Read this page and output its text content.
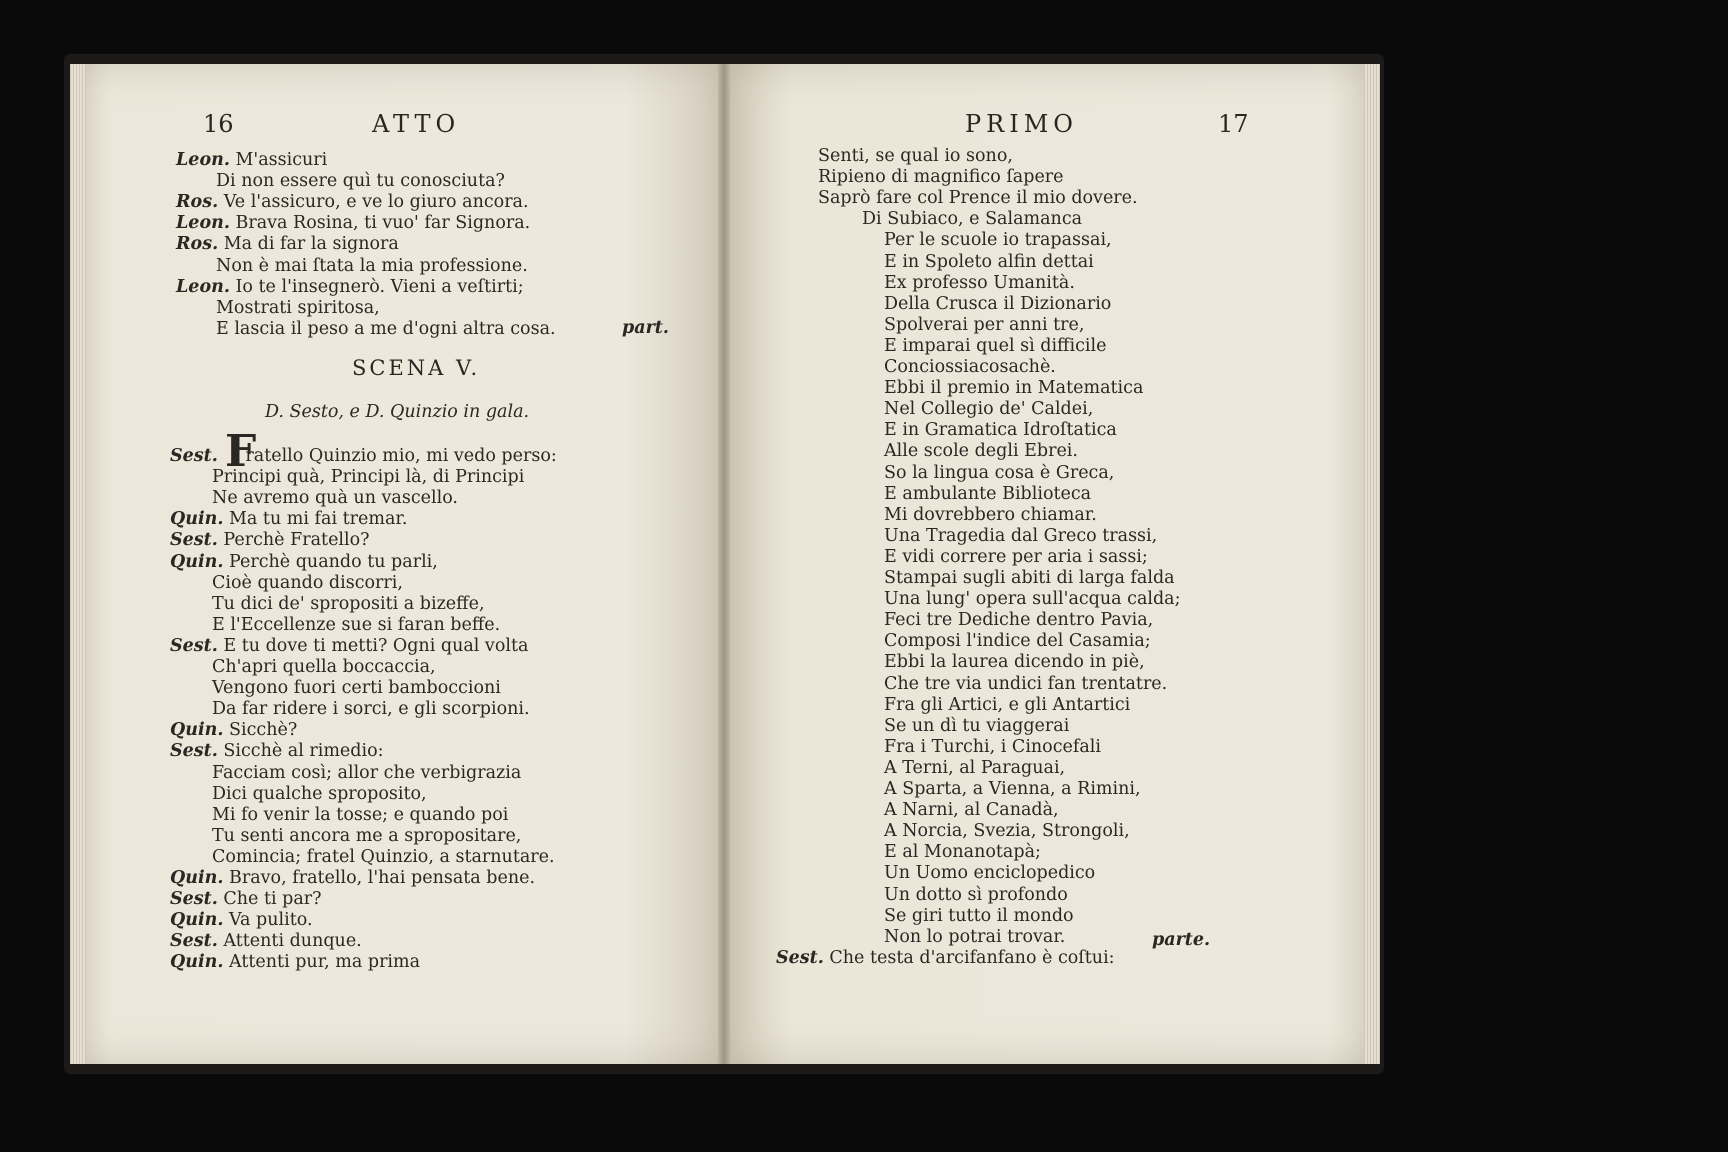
16	ATTO
Leon. M'assicuri
Di non essere quì tu conosciuta?
Ros. Ve l'assicuro, e ve lo giuro ancora.
Leon. Brava Rosina, ti vuo' far Signora.
Ros. Ma di far la signora
Non è mai ſtata la mia professione.
Leon. Io te l'insegnerò. Vieni a veſtirti;
Mostrati spiritosa,
E lascia il peso a me d'ogni altra cosa.	part.
SCENA V.
D. Sesto, e D. Quinzio in gala.
F
Sest. ratello Quinzio mio, mi vedo perso:
Principi quà, Principi là, di Principi
Ne avremo quà un vascello.
Quin. Ma tu mi fai tremar.
Sest. Perchè Fratello?
Quin. Perchè quando tu parli,
Cioè quando discorri,
Tu dici de' spropositi a bizeffe,
E l'Eccellenze sue si faran beffe.
Sest. E tu dove ti metti? Ogni qual volta
Ch'apri quella boccaccia,
Vengono fuori certi bamboccioni
Da far ridere i sorci, e gli scorpioni.
Quin. Sicchè?
Sest. Sicchè al rimedio:
Facciam così; allor che verbigrazia
Dici qualche sproposito,
Mi fo venir la tosse; e quando poi
Tu senti ancora me a spropositare,
Comincia; fratel Quinzio, a starnutare.
Quin. Bravo, fratello, l'hai pensata bene.
Sest. Che ti par?
Quin. Va pulito.
Sest. Attenti dunque.
Quin. Attenti pur, ma prima
PRIMO	17
Senti, se qual io sono,
Ripieno di magnifico ſapere
Saprò fare col Prence il mio dovere.
Di Subiaco, e Salamanca
Per le scuole io trapassai,
E in Spoleto alfin dettai
Ex professo Umanità.
Della Crusca il Dizionario
Spolverai per anni tre,
E imparai quel sì difficile
Conciossiacosachè.
Ebbi il premio in Matematica
Nel Collegio de' Caldei,
E in Gramatica Idroſtatica
Alle scole degli Ebrei.
So la lingua cosa è Greca,
E ambulante Biblioteca
Mi dovrebbero chiamar.
Una Tragedia dal Greco trassi,
E vidi correre per aria i sassi;
Stampai sugli abiti di larga falda
Una lung' opera sull'acqua calda;
Feci tre Dediche dentro Pavia,
Composi l'indice del Casamia;
Ebbi la laurea dicendo in piè,
Che tre via undici fan trentatre.
Fra gli Artici, e gli Antartici
Se un dì tu viaggerai
Fra i Turchi, i Cinocefali
A Terni, al Paraguai,
A Sparta, a Vienna, a Rimini,
A Narni, al Canadà,
A Norcia, Svezia, Strongoli,
E al Monanotapà;
Un Uomo enciclopedico
Un dotto sì profondo
Se giri tutto il mondo
Non lo potrai trovar.
Sest. Che testa d'arcifanfano è coſtui:
parte.
